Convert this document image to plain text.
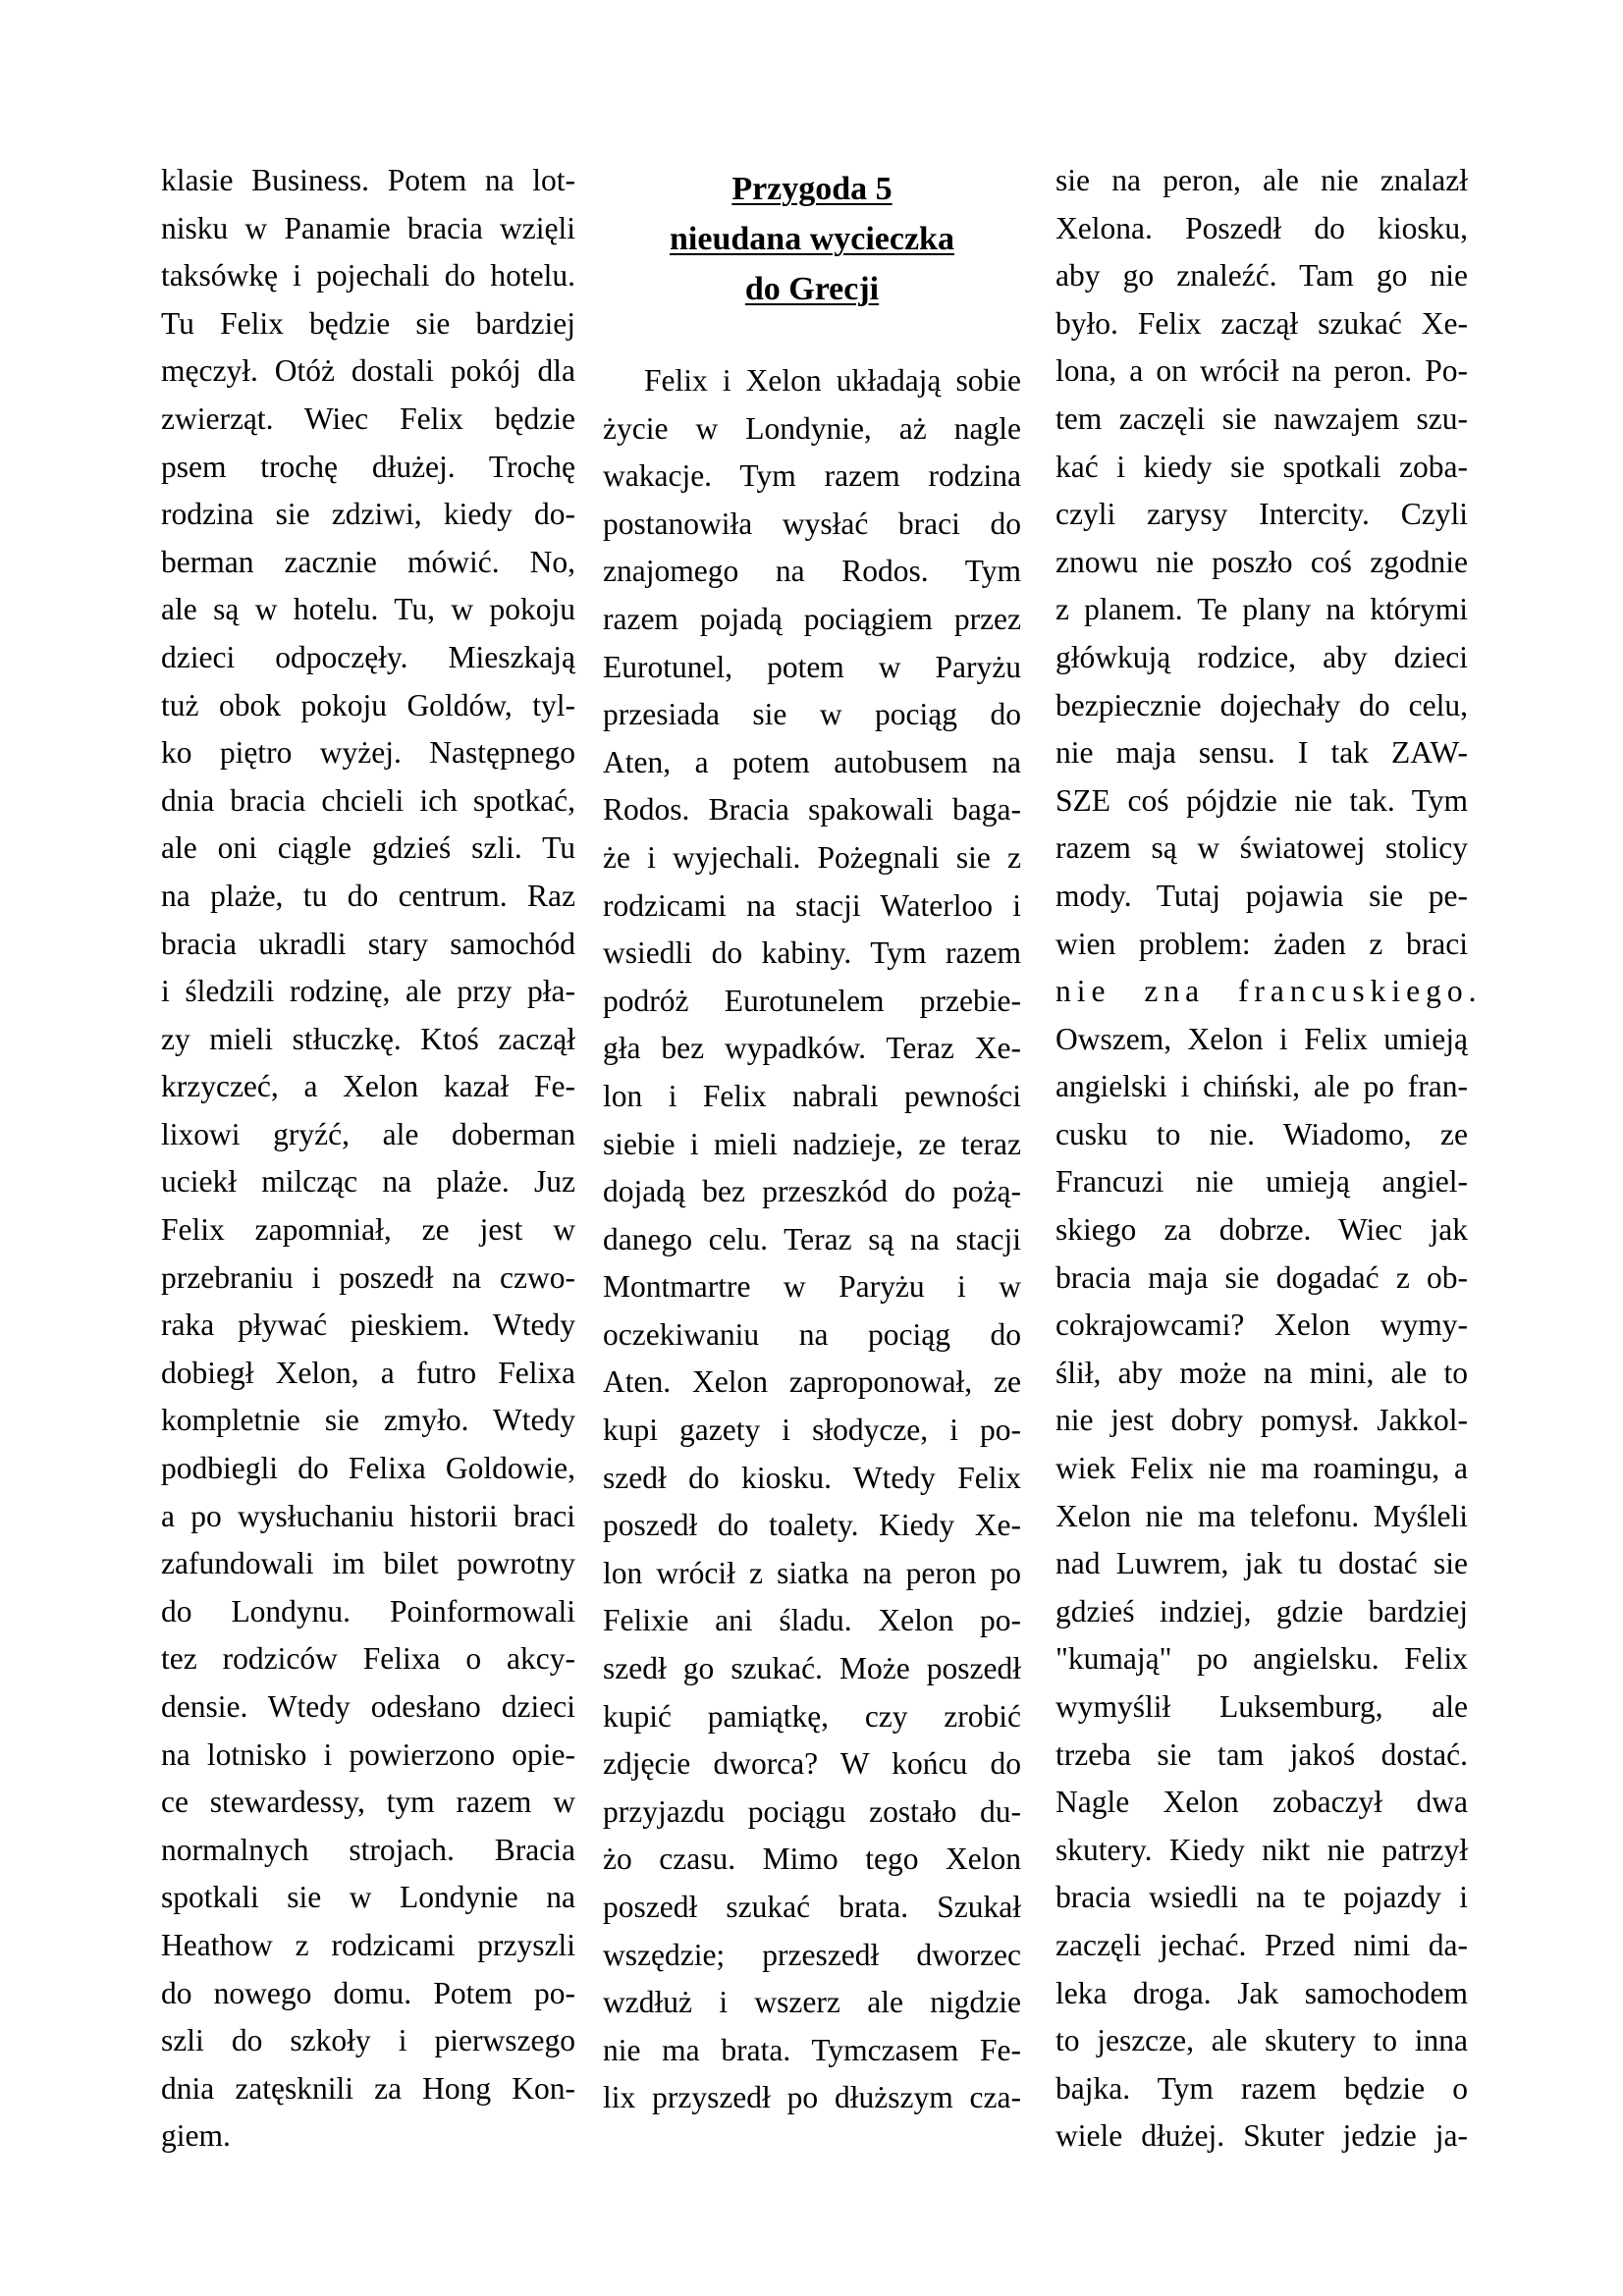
klasie Business. Potem na lot-
nisku w Panamie bracia wzięli
taksówkę i pojechali do hotelu.
Tu Felix będzie sie bardziej
męczył. Otóż dostali pokój dla
zwierząt. Wiec Felix będzie
psem trochę dłużej. Trochę
rodzina sie zdziwi, kiedy do-
berman zacznie mówić. No,
ale są w hotelu. Tu, w pokoju
dzieci odpoczęły. Mieszkają
tuż obok pokoju Goldów, tyl-
ko piętro wyżej. Następnego
dnia bracia chcieli ich spotkać,
ale oni ciągle gdzieś szli. Tu
na plaże, tu do centrum. Raz
bracia ukradli stary samochód
i śledzili rodzinę, ale przy pła-
zy mieli stłuczkę. Ktoś zaczął
krzyczeć, a Xelon kazał Fe-
lixowi gryźć, ale doberman
uciekł milcząc na plaże. Juz
Felix zapomniał, ze jest w
przebraniu i poszedł na czwo-
raka pływać pieskiem. Wtedy
dobiegł Xelon, a futro Felixa
kompletnie sie zmyło. Wtedy
podbiegli do Felixa Goldowie,
a po wysłuchaniu historii braci
zafundowali im bilet powrotny
do Londynu. Poinformowali
tez rodziców Felixa o akcy-
densie. Wtedy odesłano dzieci
na lotnisko i powierzono opie-
ce stewardessy, tym razem w
normalnych strojach. Bracia
spotkali sie w Londynie na
Heathow z rodzicami przyszli
do nowego domu. Potem po-
szli do szkoły i pierwszego
dnia zatęsknili za Hong Kon-
giem.
Przygoda 5
nieudana wycieczka
do Grecji
Felix i Xelon układają sobie
życie w Londynie, aż nagle
wakacje. Tym razem rodzina
postanowiła wysłać braci do
znajomego na Rodos. Tym
razem pojadą pociągiem przez
Eurotunel, potem w Paryżu
przesiada sie w pociąg do
Aten, a potem autobusem na
Rodos. Bracia spakowali baga-
że i wyjechali. Pożegnali sie z
rodzicami na stacji Waterloo i
wsiedli do kabiny. Tym razem
podróż Eurotunelem przebie-
gła bez wypadków. Teraz Xe-
lon i Felix nabrali pewności
siebie i mieli nadzieje, ze teraz
dojadą bez przeszkód do pożą-
danego celu. Teraz są na stacji
Montmartre w Paryżu i w
oczekiwaniu na pociąg do
Aten. Xelon zaproponował, ze
kupi gazety i słodycze, i po-
szedł do kiosku. Wtedy Felix
poszedł do toalety. Kiedy Xe-
lon wrócił z siatka na peron po
Felixie ani śladu. Xelon po-
szedł go szukać. Może poszedł
kupić pamiątkę, czy zrobić
zdjęcie dworca? W końcu do
przyjazdu pociągu zostało du-
żo czasu. Mimo tego Xelon
poszedł szukać brata. Szukał
wszędzie; przeszedł dworzec
wzdłuż i wszerz ale nigdzie
nie ma brata. Tymczasem Fe-
lix przyszedł po dłuższym cza-
sie na peron, ale nie znalazł
Xelona. Poszedł do kiosku,
aby go znaleźć. Tam go nie
było. Felix zaczął szukać Xe-
lona, a on wrócił na peron. Po-
tem zaczęli sie nawzajem szu-
kać i kiedy sie spotkali zoba-
czyli zarysy Intercity. Czyli
znowu nie poszło coś zgodnie
z planem. Te plany na którymi
główkują rodzice, aby dzieci
bezpiecznie dojechały do celu,
nie maja sensu. I tak ZAW-
SZE coś pójdzie nie tak. Tym
razem są w światowej stolicy
mody. Tutaj pojawia sie pe-
wien problem: żaden z braci
nie zna francuskiego.
Owszem, Xelon i Felix umieją
angielski i chiński, ale po fran-
cusku to nie. Wiadomo, ze
Francuzi nie umieją angiel-
skiego za dobrze. Wiec jak
bracia maja sie dogadać z ob-
cokrajowcami? Xelon wymy-
ślił, aby może na mini, ale to
nie jest dobry pomysł. Jakkol-
wiek Felix nie ma roamingu, a
Xelon nie ma telefonu. Myśleli
nad Luwrem, jak tu dostać sie
gdzieś indziej, gdzie bardziej
"kumają" po angielsku. Felix
wymyślił Luksemburg, ale
trzeba sie tam jakoś dostać.
Nagle Xelon zobaczył dwa
skutery. Kiedy nikt nie patrzył
bracia wsiedli na te pojazdy i
zaczęli jechać. Przed nimi da-
leka droga. Jak samochodem
to jeszcze, ale skutery to inna
bajka. Tym razem będzie o
wiele dłużej. Skuter jedzie ja-
